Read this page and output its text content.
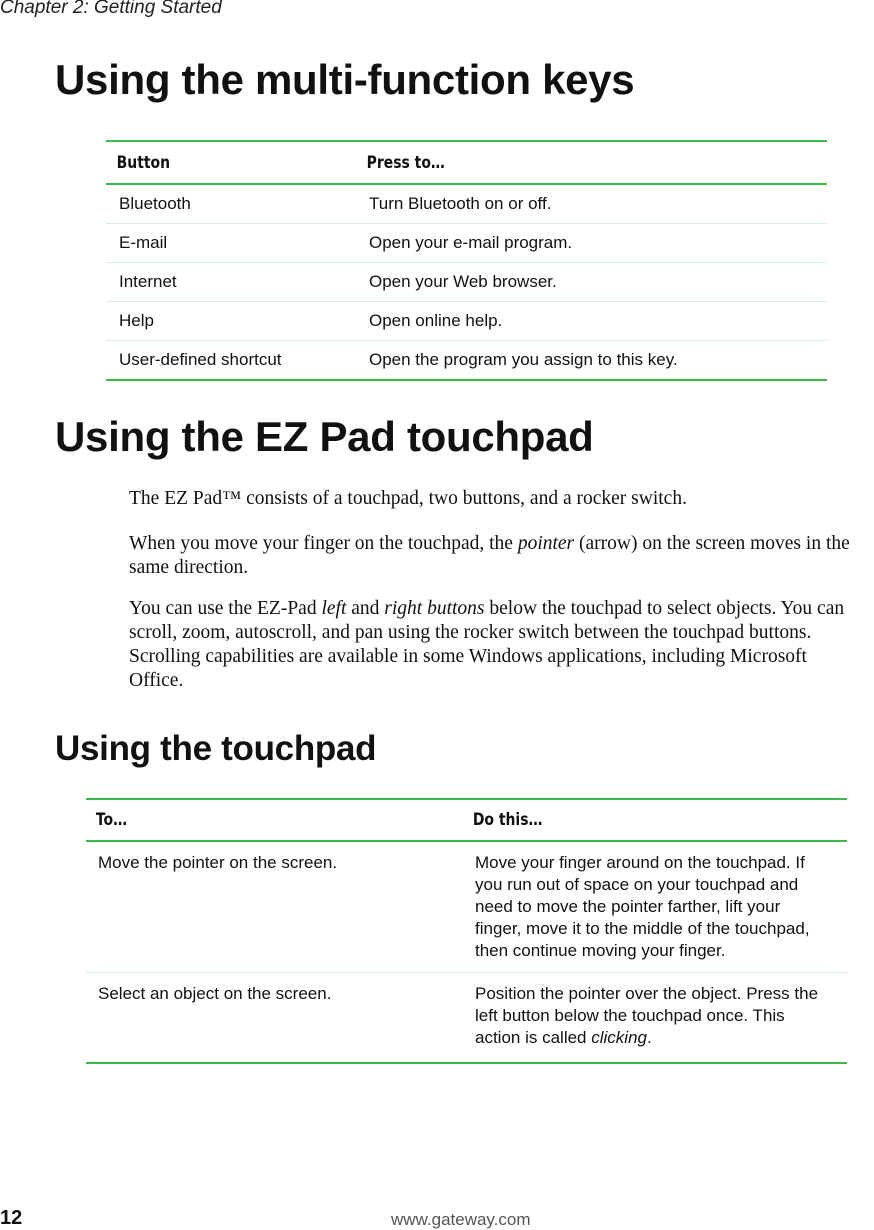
Chapter 2: Getting Started
Using the multi-function keys
Button	Press to…
Bluetooth	Turn Bluetooth on or off.
E-mail	Open your e-mail program.
Internet	Open your Web browser.
Help	Open online help.
User-defined shortcut	Open the program you assign to this key.
Using the EZ Pad touchpad

The EZ Pad™ consists of a touchpad, two buttons, and a rocker switch.

When you move your finger on the touchpad, the pointer (arrow) on the screen moves in the same direction.

You can use the EZ-Pad left and right buttons below the touchpad to select objects. You can scroll, zoom, autoscroll, and pan using the rocker switch between the touchpad buttons. Scrolling capabilities are available in some Windows applications, including Microsoft Office.

Using the touchpad
To…	Do this…
Move the pointer on the screen.	Move your finger around on the touchpad. If you run out of space on your touchpad and need to move the pointer farther, lift your finger, move it to the middle of the touchpad, then continue moving your finger.
Select an object on the screen.	Position the pointer over the object. Press the left button below the touchpad once. This action is called clicking.
12	www.gateway.com
